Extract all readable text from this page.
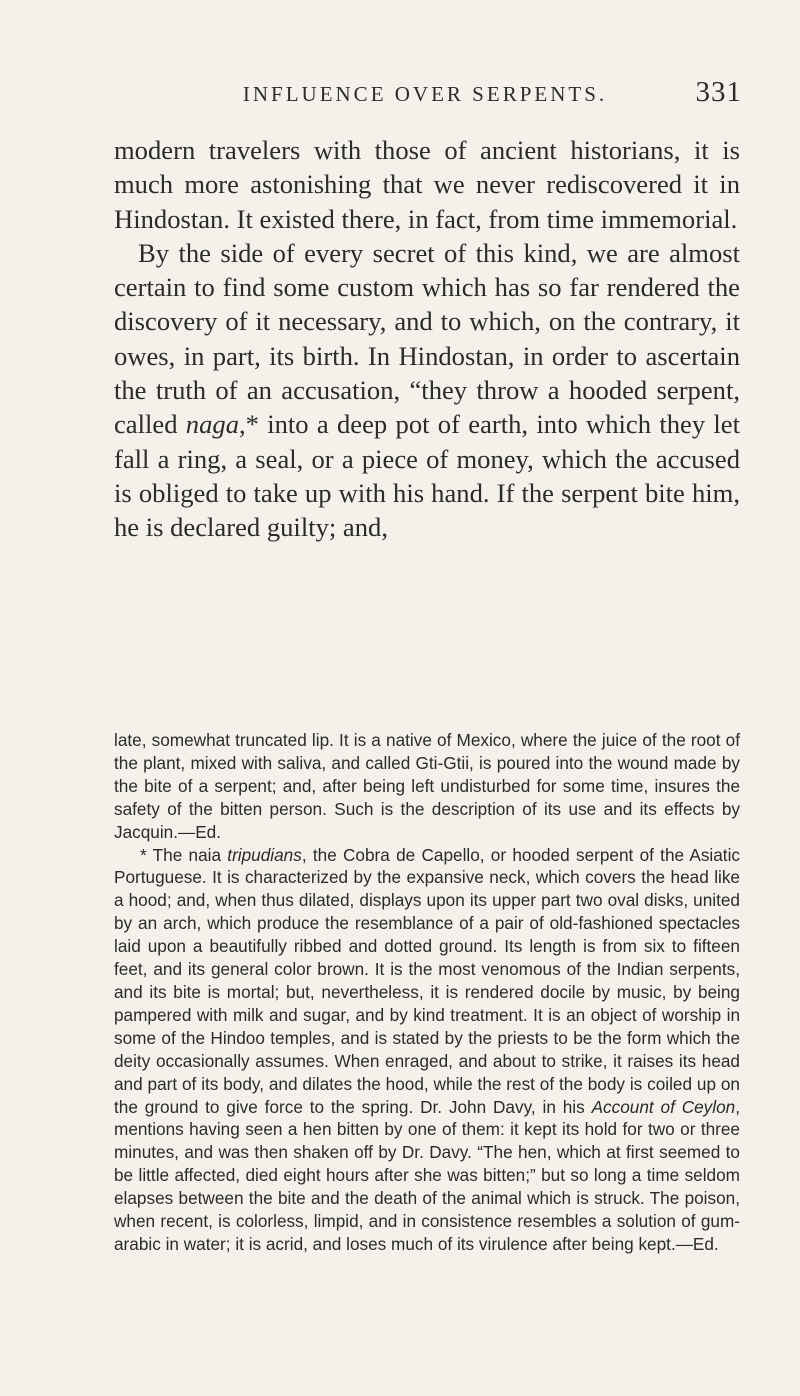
INFLUENCE OVER SERPENTS.	331

modern travelers with those of ancient historians, it is much more astonishing that we never rediscovered it in Hindostan. It existed there, in fact, from time immemorial.

By the side of every secret of this kind, we are almost certain to find some custom which has so far rendered the discovery of it necessary, and to which, on the contrary, it owes, in part, its birth. In Hindostan, in order to ascertain the truth of an accusation, “they throw a hooded serpent, called naga,* into a deep pot of earth, into which they let fall a ring, a seal, or a piece of money, which the accused is obliged to take up with his hand. If the serpent bite him, he is declared guilty; and,

late, somewhat truncated lip. It is a native of Mexico, where the juice of the root of the plant, mixed with saliva, and called Gti-Gtii, is poured into the wound made by the bite of a serpent; and, after being left undisturbed for some time, insures the safety of the bitten person. Such is the description of its use and its effects by Jacquin.—Ed.

* The naia tripudians, the Cobra de Capello, or hooded serpent of the Asiatic Portuguese. It is characterized by the expansive neck, which covers the head like a hood; and, when thus dilated, displays upon its upper part two oval disks, united by an arch, which produce the resemblance of a pair of old-fashioned spectacles laid upon a beautifully ribbed and dotted ground. Its length is from six to fifteen feet, and its general color brown. It is the most venomous of the Indian serpents, and its bite is mortal; but, nevertheless, it is rendered docile by music, by being pampered with milk and sugar, and by kind treatment. It is an object of worship in some of the Hindoo temples, and is stated by the priests to be the form which the deity occasionally assumes. When enraged, and about to strike, it raises its head and part of its body, and dilates the hood, while the rest of the body is coiled up on the ground to give force to the spring. Dr. John Davy, in his Account of Ceylon, mentions having seen a hen bitten by one of them: it kept its hold for two or three minutes, and was then shaken off by Dr. Davy. “The hen, which at first seemed to be little affected, died eight hours after she was bitten;” but so long a time seldom elapses between the bite and the death of the animal which is struck. The poison, when recent, is colorless, limpid, and in consistence resembles a solution of gum-arabic in water; it is acrid, and loses much of its virulence after being kept.—Ed.
